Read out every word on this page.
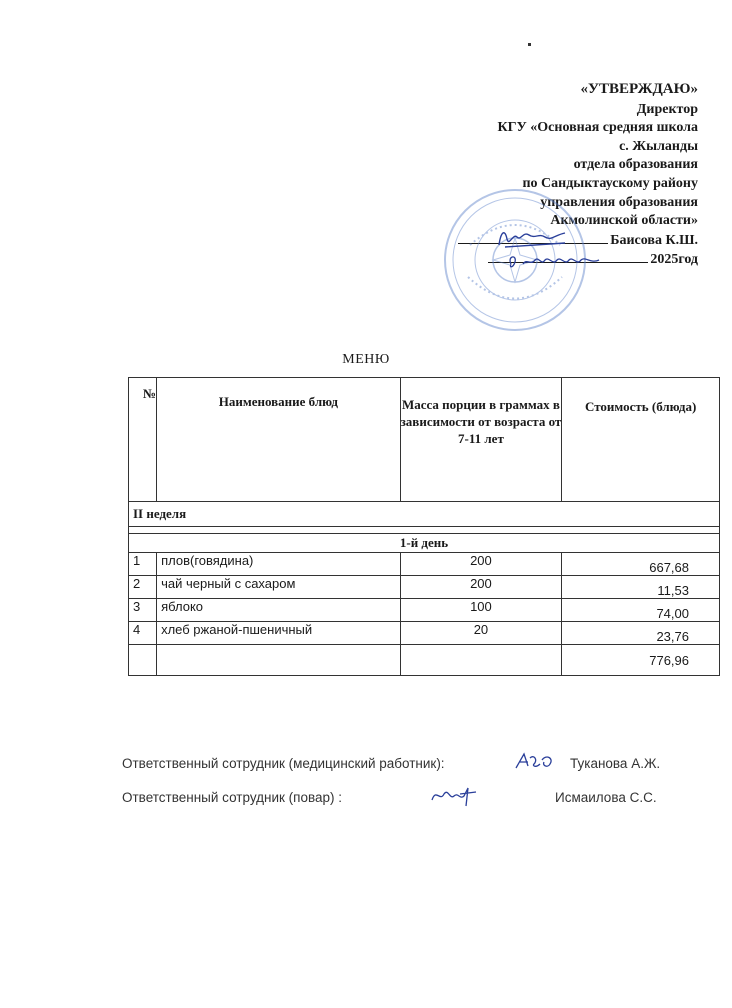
«УТВЕРЖДАЮ»
Директор
КГУ «Основная средняя школа
с. Жыланды
отдела образования
по Сандыктаускому району
управления образования
Акмолинской области»
Баисова К.Ш.
2025год
МЕНЮ
№	Наименование блюд	Масса порции в граммах в зависимости от возраста от 7-11 лет	Стоимость (блюда)
II неделя			

1-й день			
1	плов(говядина)	200	667,68
2	чай черный с сахаром	200	11,53
3	яблоко	100	74,00
4	хлеб ржаной-пшеничный	20	23,76
			776,96
Ответственный сотрудник (медицинский работник):	Туканова А.Ж.
Ответственный сотрудник (повар) :	Исмаилова С.С.
